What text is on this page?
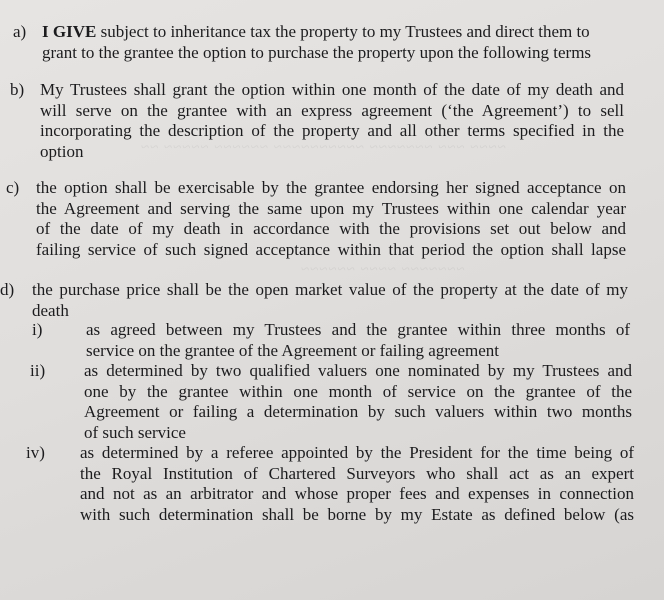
~~~~ ~~~ ~~~~~~~ ~~~~~~~~~~ ~~~~~~ ~~~~~ ~~
~~~~~~~ ~~~~ ~~~~~~
a) I GIVE subject to inheritance tax the property to my Trustees and direct them to
grant to the grantee the option to purchase the property upon the following terms
b) My Trustees shall grant the option within one month of the date of my death and
will serve on the grantee with an express agreement (‘the Agreement’) to sell
incorporating the description of the property and all other terms specified in the
option
c) the option shall be exercisable by the grantee endorsing her signed acceptance on
the Agreement and serving the same upon my Trustees within one calendar year
of the date of my death in accordance with the provisions set out below and
failing service of such signed acceptance within that period the option shall lapse
d) the purchase price shall be the open market value of the property at the date of my
death
i)	as agreed between my Trustees and the grantee within three months of
service on the grantee of the Agreement or failing agreement
ii) as determined by two qualified valuers one nominated by my Trustees and
one by the grantee within one month of service on the grantee of the
Agreement or failing a determination by such valuers within two months
of such service
iv) as determined by a referee appointed by the President for the time being of
the Royal Institution of Chartered Surveyors who shall act as an expert
and not as an arbitrator and whose proper fees and expenses in connection
with such determination shall be borne by my Estate as defined below (as
